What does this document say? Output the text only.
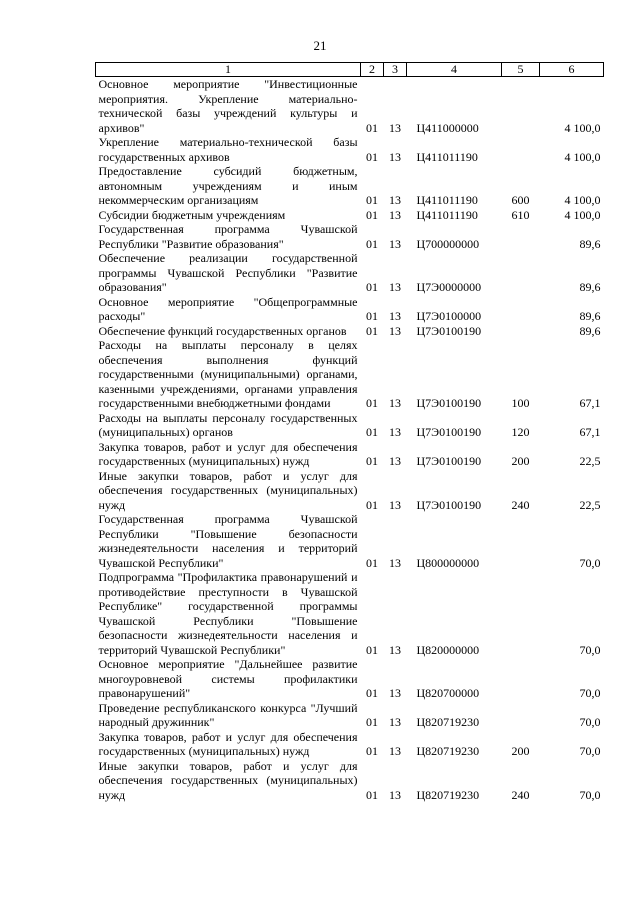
21
1	2	3	4	5	6
Основное мероприятие "Инвестиционные мероприятия. Укрепление материально-технической базы учреждений культуры и архивов"	01	13	Ц411000000		4 100,0
Укрепление материально-технической базы государственных архивов	01	13	Ц411011190		4 100,0
Предоставление субсидий бюджетным, автономным учреждениям и иным некоммерческим организациям	01	13	Ц411011190	600	4 100,0
Субсидии бюджетным учреждениям	01	13	Ц411011190	610	4 100,0
Государственная программа Чувашской Республики "Развитие образования"	01	13	Ц700000000		89,6
Обеспечение реализации государственной программы Чувашской Республики "Развитие образования"	01	13	Ц7Э0000000		89,6
Основное мероприятие "Общепрограммные расходы"	01	13	Ц7Э0100000		89,6
Обеспечение функций государственных органов	01	13	Ц7Э0100190		89,6
Расходы на выплаты персоналу в целях обеспечения выполнения функций государственными (муниципальными) органами, казенными учреждениями, органами управления государственными внебюджетными фондами	01	13	Ц7Э0100190	100	67,1
Расходы на выплаты персоналу государственных (муниципальных) органов	01	13	Ц7Э0100190	120	67,1
Закупка товаров, работ и услуг для обеспечения государственных (муниципальных) нужд	01	13	Ц7Э0100190	200	22,5
Иные закупки товаров, работ и услуг для обеспечения государственных (муниципальных) нужд	01	13	Ц7Э0100190	240	22,5
Государственная программа Чувашской Республики "Повышение безопасности жизнедеятельности населения и территорий Чувашской Республики"	01	13	Ц800000000		70,0
Подпрограмма "Профилактика правонарушений и противодействие преступности в Чувашской Республике" государственной программы Чувашской Республики "Повышение безопасности жизнедеятельности населения и территорий Чувашской Республики"	01	13	Ц820000000		70,0
Основное мероприятие "Дальнейшее развитие многоуровневой системы профилактики правонарушений"	01	13	Ц820700000		70,0
Проведение республиканского конкурса "Лучший народный дружинник"	01	13	Ц820719230		70,0
Закупка товаров, работ и услуг для обеспечения государственных (муниципальных) нужд	01	13	Ц820719230	200	70,0
Иные закупки товаров, работ и услуг для обеспечения государственных (муниципальных) нужд	01	13	Ц820719230	240	70,0
